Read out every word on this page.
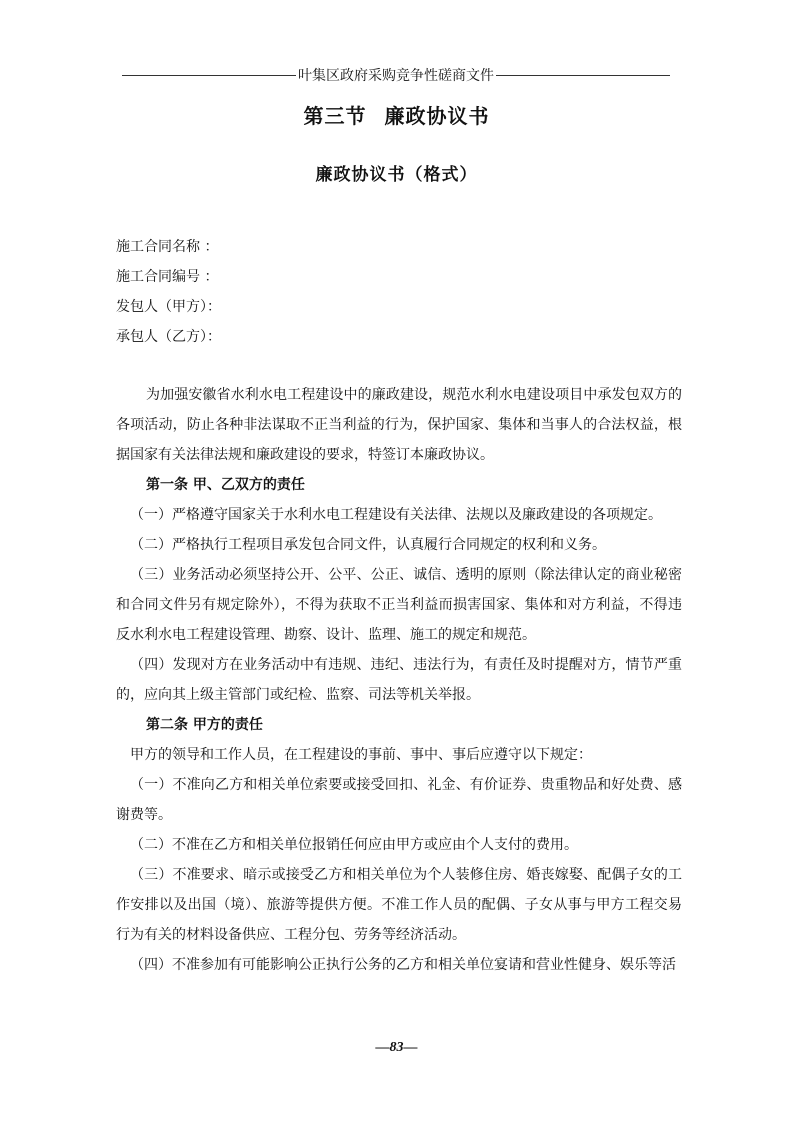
叶集区政府采购竞争性磋商文件
第三节 廉政协议书
廉政协议书（格式）
施工合同名称 ：
施工合同编号 ：
发包人（甲方）：
承包人（乙方）：

为加强安徽省水利水电工程建设中的廉政建设，规范水利水电建设项目中承发包双方的各项活动，防止各种非法谋取不正当利益的行为，保护国家、集体和当事人的合法权益，根据国家有关法律法规和廉政建设的要求，特签订本廉政协议。

第一条 甲、乙双方的责任

（一）严格遵守国家关于水利水电工程建设有关法律、法规以及廉政建设的各项规定。

（二）严格执行工程项目承发包合同文件，认真履行合同规定的权利和义务。

（三）业务活动必须坚持公开、公平、公正、诚信、透明的原则（除法律认定的商业秘密和合同文件另有规定除外），不得为获取不正当利益而损害国家、集体和对方利益，不得违反水利水电工程建设管理、勘察、设计、监理、施工的规定和规范。

（四）发现对方在业务活动中有违规、违纪、违法行为，有责任及时提醒对方，情节严重的，应向其上级主管部门或纪检、监察、司法等机关举报。

第二条 甲方的责任

甲方的领导和工作人员，在工程建设的事前、事中、事后应遵守以下规定：

（一）不准向乙方和相关单位索要或接受回扣、礼金、有价证券、贵重物品和好处费、感谢费等。

（二）不准在乙方和相关单位报销任何应由甲方或应由个人支付的费用。

（三）不准要求、暗示或接受乙方和相关单位为个人装修住房、婚丧嫁娶、配偶子女的工作安排以及出国（境）、旅游等提供方便。不准工作人员的配偶、子女从事与甲方工程交易行为有关的材料设备供应、工程分包、劳务等经济活动。

（四）不准参加有可能影响公正执行公务的乙方和相关单位宴请和营业性健身、娱乐等活

—83—
